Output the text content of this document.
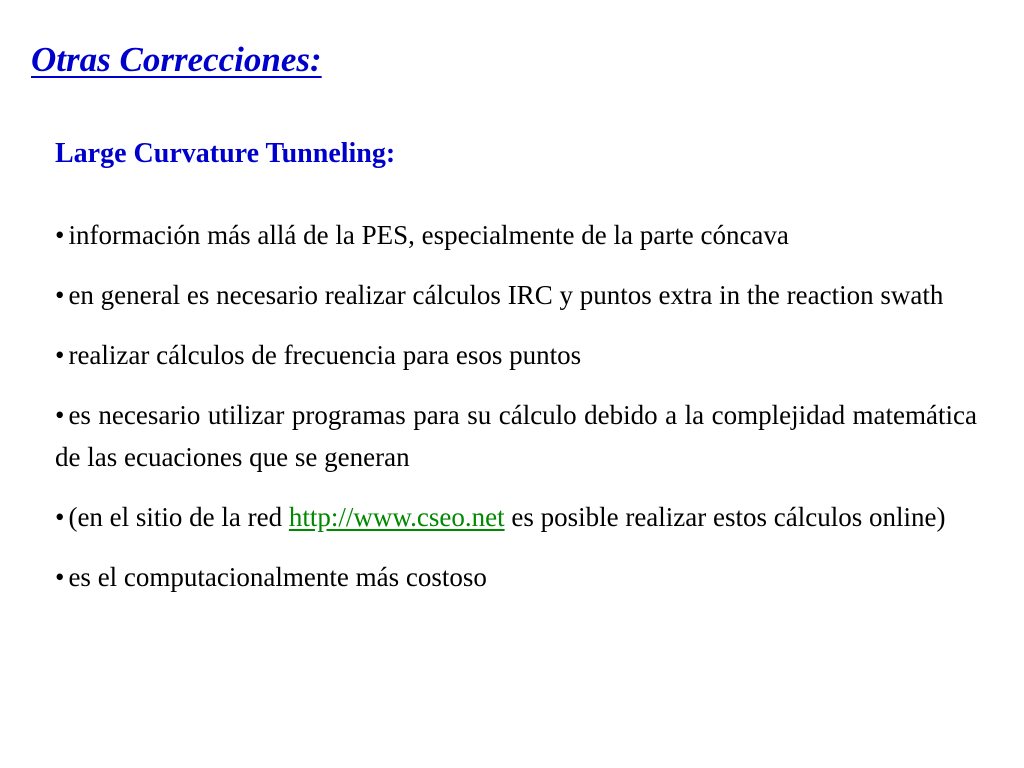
Otras Correcciones:
Large Curvature Tunneling:
• información más allá de la PES, especialmente de la parte cóncava
• en general es necesario realizar cálculos IRC y puntos extra in the reaction swath
• realizar cálculos de frecuencia para esos puntos
• es necesario utilizar programas para su cálculo debido a la complejidad matemática de las ecuaciones que se generan
• (en el sitio de la red http://www.cseo.net es posible realizar estos cálculos online)
• es el computacionalmente más costoso
